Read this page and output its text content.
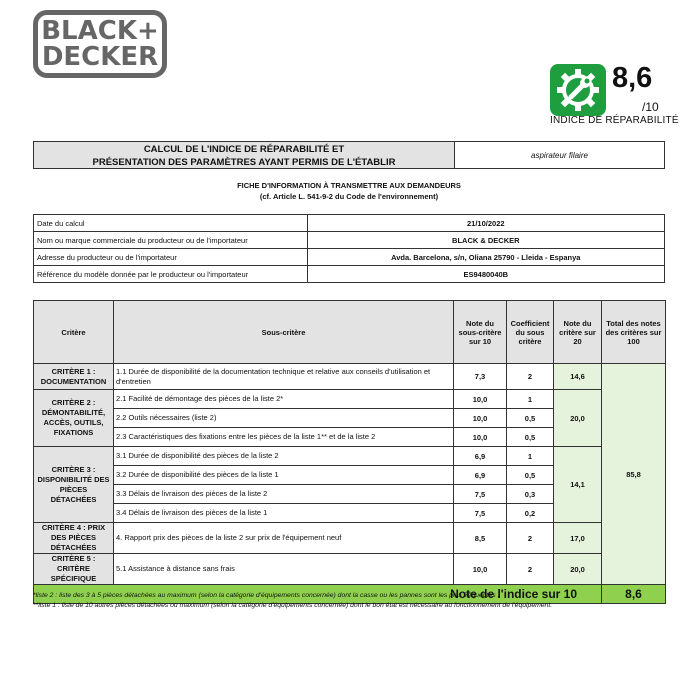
BLACK+
DECKER
8,6
/10
INDICE DE RÉPARABILITÉ
CALCUL DE L'INDICE DE RÉPARABILITÉ ET
PRÉSENTATION DES PARAMÈTRES AYANT PERMIS DE L'ÉTABLIR
aspirateur filaire
FICHE D'INFORMATION À TRANSMETTRE AUX DEMANDEURS
(cf. Article L. 541-9-2 du Code de l'environnement)
Date du calcul	21/10/2022
Nom ou marque commerciale du producteur ou de l'importateur	BLACK & DECKER
Adresse du producteur ou de l'importateur	Avda. Barcelona, s/n, Oliana 25790 - Lleida - Espanya
Référence du modèle donnée par le producteur ou l'importateur	ES9480040B
Critère	Sous-critère	Note du sous-critère sur 10	Coefficient du sous critère	Note du critère sur 20	Total des notes des critères sur 100
CRITÈRE 1 : DOCUMENTATION	1.1 Durée de disponibilité de la documentation technique et relative aux conseils d'utilisation et d'entretien	7,3	2	14,6	85,8
CRITÈRE 2 : DÉMONTABILITÉ, ACCÈS, OUTILS, FIXATIONS	2.1 Facilité de démontage des pièces de la liste 2*	10,0	1	20,0	
	2.2 Outils nécessaires (liste 2)	10,0	0,5		
	2.3 Caractéristiques des fixations entre les pièces de la liste 1** et de la liste 2	10,0	0,5		
CRITÈRE 3 : DISPONIBILITÉ DES PIÈCES DÉTACHÉES	3.1 Durée de disponibilité des pièces de la liste 2	6,9	1	14,1	
	3.2 Durée de disponibilité des pièces de la liste 1	6,9	0,5		
	3.3 Délais de livraison des pièces de la liste 2	7,5	0,3		
	3.4 Délais de livraison des pièces de la liste 1	7,5	0,2		
CRITÈRE 4 : PRIX DES PIÈCES DÉTACHÉES	4. Rapport prix des pièces de la liste 2 sur prix de l'équipement neuf	8,5	2	17,0	
CRITÈRE 5 : CRITÈRE SPÉCIFIQUE	5.1 Assistance à distance sans frais	10,0	2	20,0	
Note de l'indice sur 10					8,6
*liste 2 : liste des 3 à 5 pièces détachées au maximum (selon la catégorie d'équipements concernée) dont la casse ou les pannes sont les plus fréquentes ;
**liste 1 : liste de 10 autres pièces détachées ou maximum (selon la catégorie d'équipements concernée) dont le bon état est nécessaire au fonctionnement de l'équipement.
